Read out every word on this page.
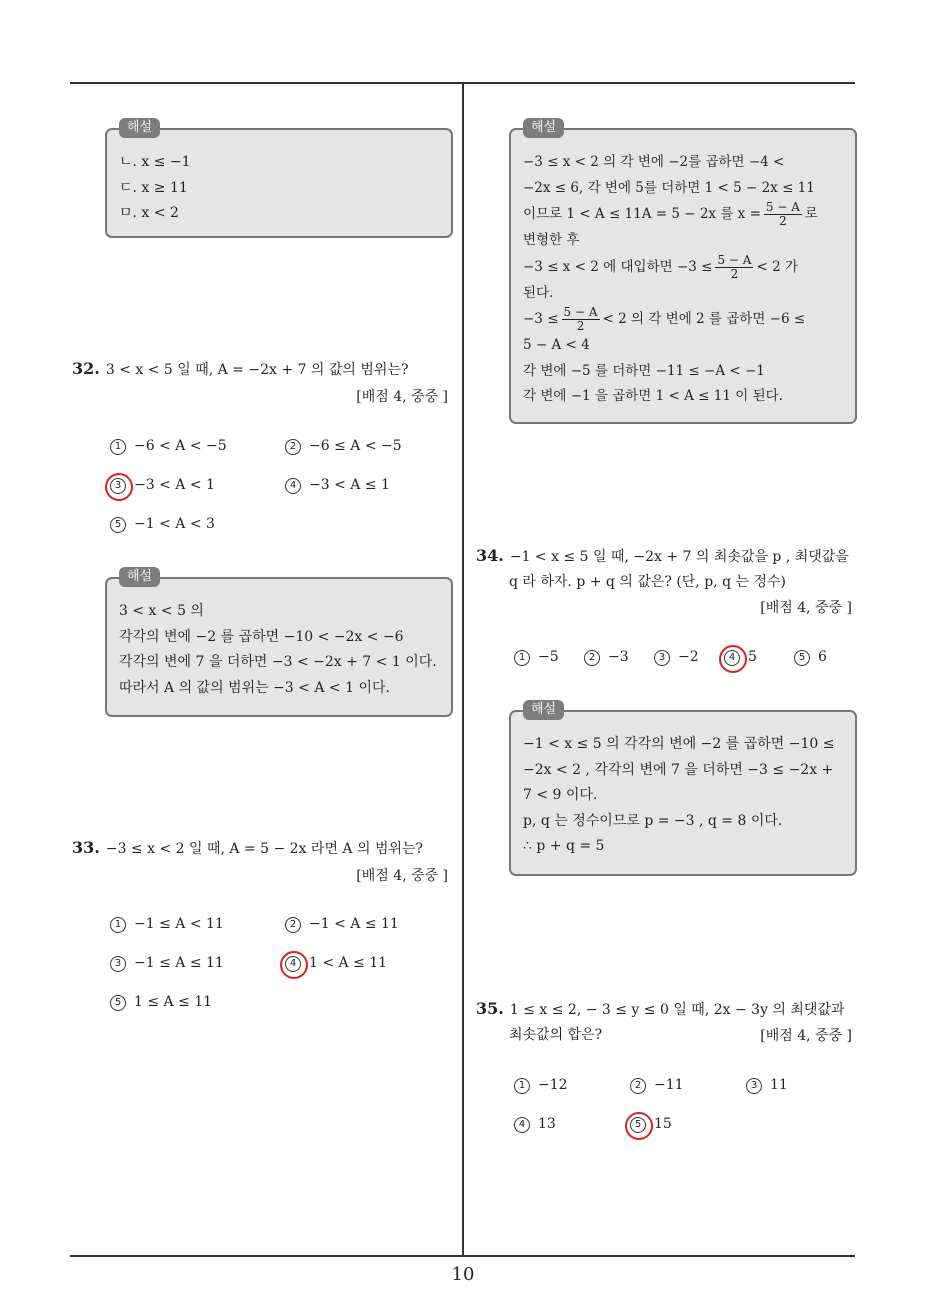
해설
ㄴ. x ≤ −1
ㄷ. x ≥ 11
ㅁ. x < 2
32. 3 < x < 5 일 때, A = −2x + 7 의 값의 범위는?
[배점 4, 중중 ]
1 −6 < A < −5	2 −6 ≤ A < −5
3 −3 < A < 1	4 −3 < A ≤ 1
5 −1 < A < 3
해설
3 < x < 5 의
각각의 변에 −2 를 곱하면 −10 < −2x < −6
각각의 변에 7 을 더하면 −3 < −2x + 7 < 1 이다.
따라서 A 의 값의 범위는 −3 < A < 1 이다.
33. −3 ≤ x < 2 일 때, A = 5 − 2x 라면 A 의 범위는?
[배점 4, 중중 ]
1 −1 ≤ A < 11	2 −1 < A ≤ 11
3 −1 ≤ A ≤ 11	4 1 < A ≤ 11
5 1 ≤ A ≤ 11
해설
−3 ≤ x < 2 의 각 변에 −2를 곱하면 −4 <
−2x ≤ 6, 각 변에 5를 더하면 1 < 5 − 2x ≤ 11
이므로 1 < A ≤ 11A = 5 − 2x 를 $x = \frac{5 - A}{2}$ 로
변형한 후
−3 ≤ x < 2 에 대입하면 $-3 \le \frac{5 - A}{2} < 2$ 가
된다.
$-3 \le \frac{5 - A}{2} < 2$ 의 각 변에 2 를 곱하면 −6 ≤
5 − A < 4
각 변에 −5 를 더하면 −11 ≤ −A < −1
각 변에 −1 을 곱하면 1 < A ≤ 11 이 된다.
34. −1 < x ≤ 5 일 때, −2x + 7 의 최솟값을 p , 최댓값을
q 라 하자. p + q 의 값은? (단, p, q 는 정수)
[배점 4, 중중 ]
1 −5	2 −3	3 −2	4 5	5 6
해설
−1 < x ≤ 5 의 각각의 변에 −2 를 곱하면 −10 ≤
−2x < 2 , 각각의 변에 7 을 더하면 −3 ≤ −2x +
7 < 9 이다.
p, q 는 정수이므로 p = −3 , q = 8 이다.
∴ p + q = 5
35. 1 ≤ x ≤ 2, − 3 ≤ y ≤ 0 일 때, 2x − 3y 의 최댓값과
최솟값의 합은?	[배점 4, 중중 ]
1 −12	2 −11	3 11
4 13	5 15
10
